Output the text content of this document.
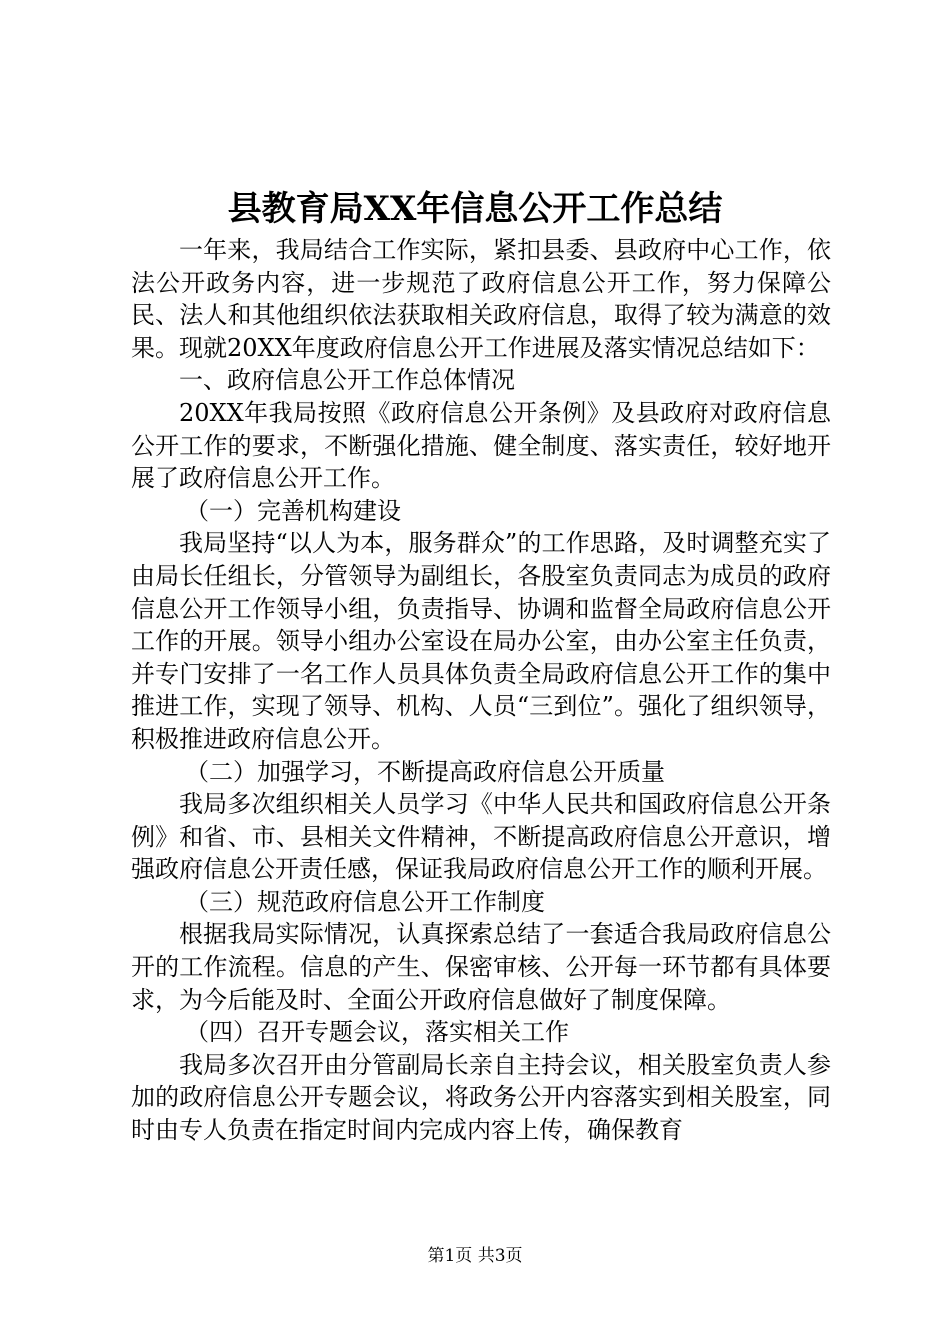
县教育局XX年信息公开工作总结

一年来，我局结合工作实际，紧扣县委、县政府中心工作，依法公开政务内容，进一步规范了政府信息公开工作，努力保障公民、法人和其他组织依法获取相关政府信息，取得了较为满意的效果。现就20XX年度政府信息公开工作进展及落实情况总结如下：

一、政府信息公开工作总体情况

20XX年我局按照《政府信息公开条例》及县政府对政府信息公开工作的要求，不断强化措施、健全制度、落实责任，较好地开展了政府信息公开工作。

（一）完善机构建设

我局坚持“以人为本，服务群众”的工作思路，及时调整充实了由局长任组长，分管领导为副组长，各股室负责同志为成员的政府信息公开工作领导小组，负责指导、协调和监督全局政府信息公开工作的开展。领导小组办公室设在局办公室，由办公室主任负责，并专门安排了一名工作人员具体负责全局政府信息公开工作的集中推进工作，实现了领导、机构、人员“三到位”。强化了组织领导，积极推进政府信息公开。

（二）加强学习，不断提高政府信息公开质量

我局多次组织相关人员学习《中华人民共和国政府信息公开条例》和省、市、县相关文件精神，不断提高政府信息公开意识，增强政府信息公开责任感，保证我局政府信息公开工作的顺利开展。

（三）规范政府信息公开工作制度

根据我局实际情况，认真探索总结了一套适合我局政府信息公开的工作流程。信息的产生、保密审核、公开每一环节都有具体要求，为今后能及时、全面公开政府信息做好了制度保障。

（四）召开专题会议，落实相关工作

我局多次召开由分管副局长亲自主持会议，相关股室负责人参加的政府信息公开专题会议，将政务公开内容落实到相关股室，同时由专人负责在指定时间内完成内容上传，确保教育

第1页 共3页
